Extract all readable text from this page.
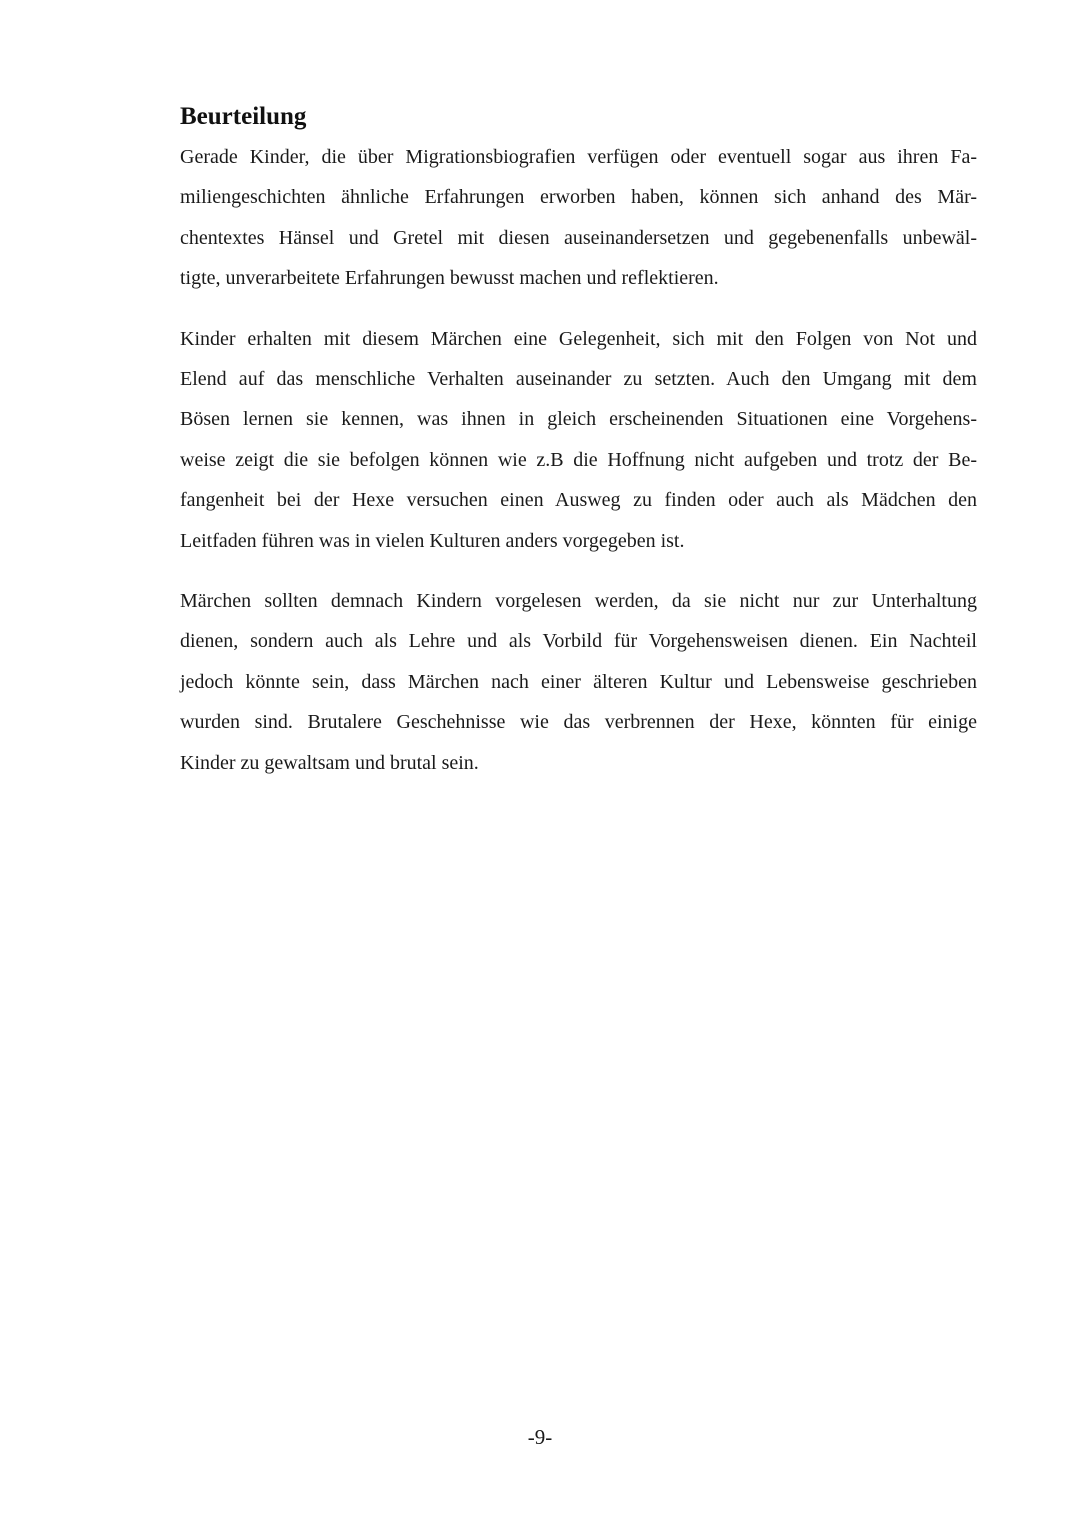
Beurteilung

Gerade Kinder, die über Migrationsbiografien verfügen oder eventuell sogar aus ihren Fa-
miliengeschichten ähnliche Erfahrungen erworben haben, können sich anhand des Mär-
chentextes Hänsel und Gretel mit diesen auseinandersetzen und gegebenenfalls unbewäl-
tigte, unverarbeitete Erfahrungen bewusst machen und reflektieren.

Kinder erhalten mit diesem Märchen eine Gelegenheit, sich mit den Folgen von Not und
Elend auf das menschliche Verhalten auseinander zu setzten. Auch den Umgang mit dem
Bösen lernen sie kennen, was ihnen in gleich erscheinenden Situationen eine Vorgehens-
weise zeigt die sie befolgen können wie z.B die Hoffnung nicht aufgeben und trotz der Be-
fangenheit bei der Hexe versuchen einen Ausweg zu finden oder auch als Mädchen den
Leitfaden führen was in vielen Kulturen anders vorgegeben ist.

Märchen sollten demnach Kindern vorgelesen werden, da sie nicht nur zur Unterhaltung
dienen, sondern auch als Lehre und als Vorbild für Vorgehensweisen dienen. Ein Nachteil
jedoch könnte sein, dass Märchen nach einer älteren Kultur und Lebensweise geschrieben
wurden sind. Brutalere Geschehnisse wie das verbrennen der Hexe, könnten für einige
Kinder zu gewaltsam und brutal sein.

-9-
